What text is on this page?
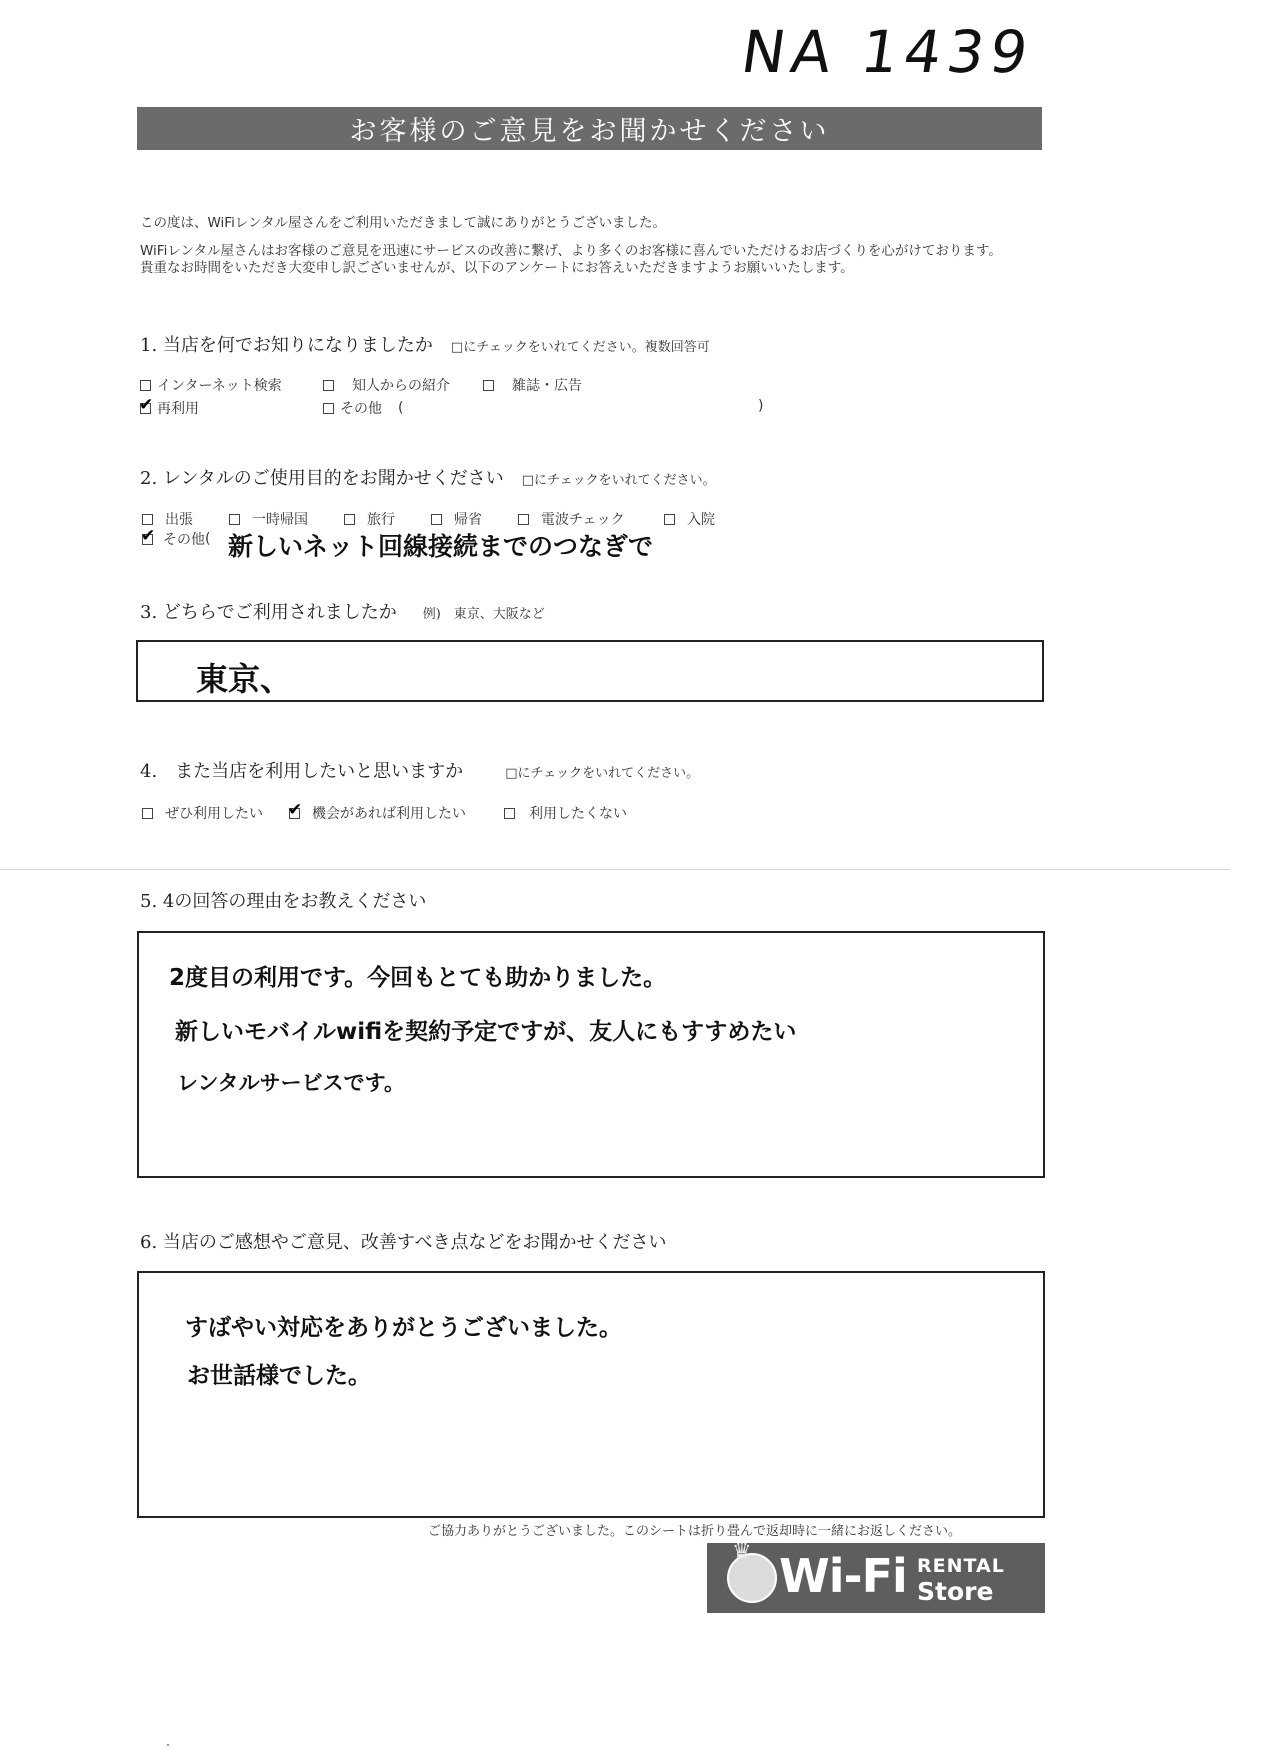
NA 1439
お客様のご意見をお聞かせください
この度は、WiFiレンタル屋さんをご利用いただきまして誠にありがとうございました。
WiFiレンタル屋さんはお客様のご意見を迅速にサービスの改善に繋げ、より多くのお客様に喜んでいただけるお店づくりを心がけております。
貴重なお時間をいただき大変申し訳ございませんが、以下のアンケートにお答えいただきますようお願いいたします。
1. 当店を何でお知りになりましたか □にチェックをいれてください。複数回答可
インターネット検索	知人からの紹介	雑誌・広告
✔
再利用	その他 (	)
2. レンタルのご使用目的をお聞かせください □にチェックをいれてください。
出張	一時帰国	旅行	帰省	電波チェック	入院
✔
その他 ( 新しいネット回線接続までのつなぎで
3. どちらでご利用されましたか 例)　東京、大阪など
東京、
4.　また当店を利用したいと思いますか	□にチェックをいれてください。
ぜひ利用したい
✔	機会があれば利用したい	利用したくない
5. 4の回答の理由をお教えください
2度目の利用です。今回もとても助かりました。
新しいモバイルwifiを契約予定ですが、友人にもすすめたい
レンタルサービスです。
6. 当店のご感想やご意見、改善すべき点などをお聞かせください
すばやい対応をありがとうございました。
お世話様でした。
ご協力ありがとうございました。このシートは折り畳んで返却時に一緒にお返しください。
♛ Wi-Fi RENTAL
Store
